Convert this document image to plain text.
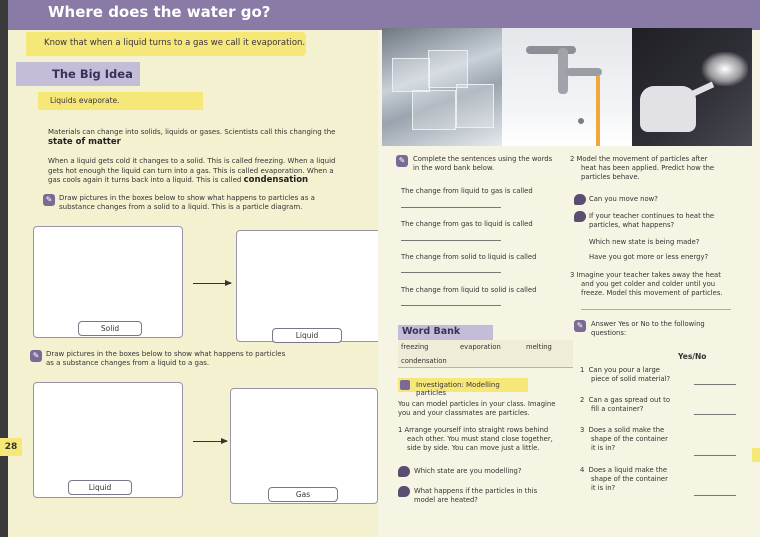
Where does the water go?
Know that when a liquid turns to a gas we call it evaporation.
The Big Idea
Liquids evaporate.
Materials can change into solids, liquids or gases. Scientists call this changing the
state of matter
When a liquid gets cold it changes to a solid. This is called freezing. When a liquid
gets hot enough the liquid can turn into a gas. This is called evaporation. When a
gas cools again it turns back into a liquid. This is called condensation
✎ Draw pictures in the boxes below to show what happens to particles as a
substance changes from a solid to a liquid. This is a particle diagram.
Solid
Liquid
✎ Draw pictures in the boxes below to show what happens to particles
as a substance changes from a liquid to a gas.
Liquid
Gas
28
✎	Complete the sentences using the words
in the word bank below.
The change from liquid to gas is called
The change from gas to liquid is called
The change from solid to liquid is called
The change from liquid to solid is called
Word Bank
freezing	evaporation	melting
condensation
Investigation: Modelling particles
You can model particles in your class. Imagine
you and your classmates are particles.
1 Arrange yourself into straight rows behind
each other. You must stand close together,
side by side. You can move just a little.
Which state are you modelling?
What happens if the particles in this
model are heated?
2 Model the movement of particles after
heat has been applied. Predict how the
particles behave.
Can you move now?
If your teacher continues to heat the
particles, what happens?
Which new state is being made?
Have you got more or less energy?
3 Imagine your teacher takes away the heat
and you get colder and colder until you
freeze. Model this movement of particles.
✎	Answer Yes or No to the following
questions:
Yes/No
1 Can you pour a large
piece of solid material?
2 Can a gas spread out to
fill a container?
3 Does a solid make the
shape of the container
it is in?
4 Does a liquid make the
shape of the container
it is in?
